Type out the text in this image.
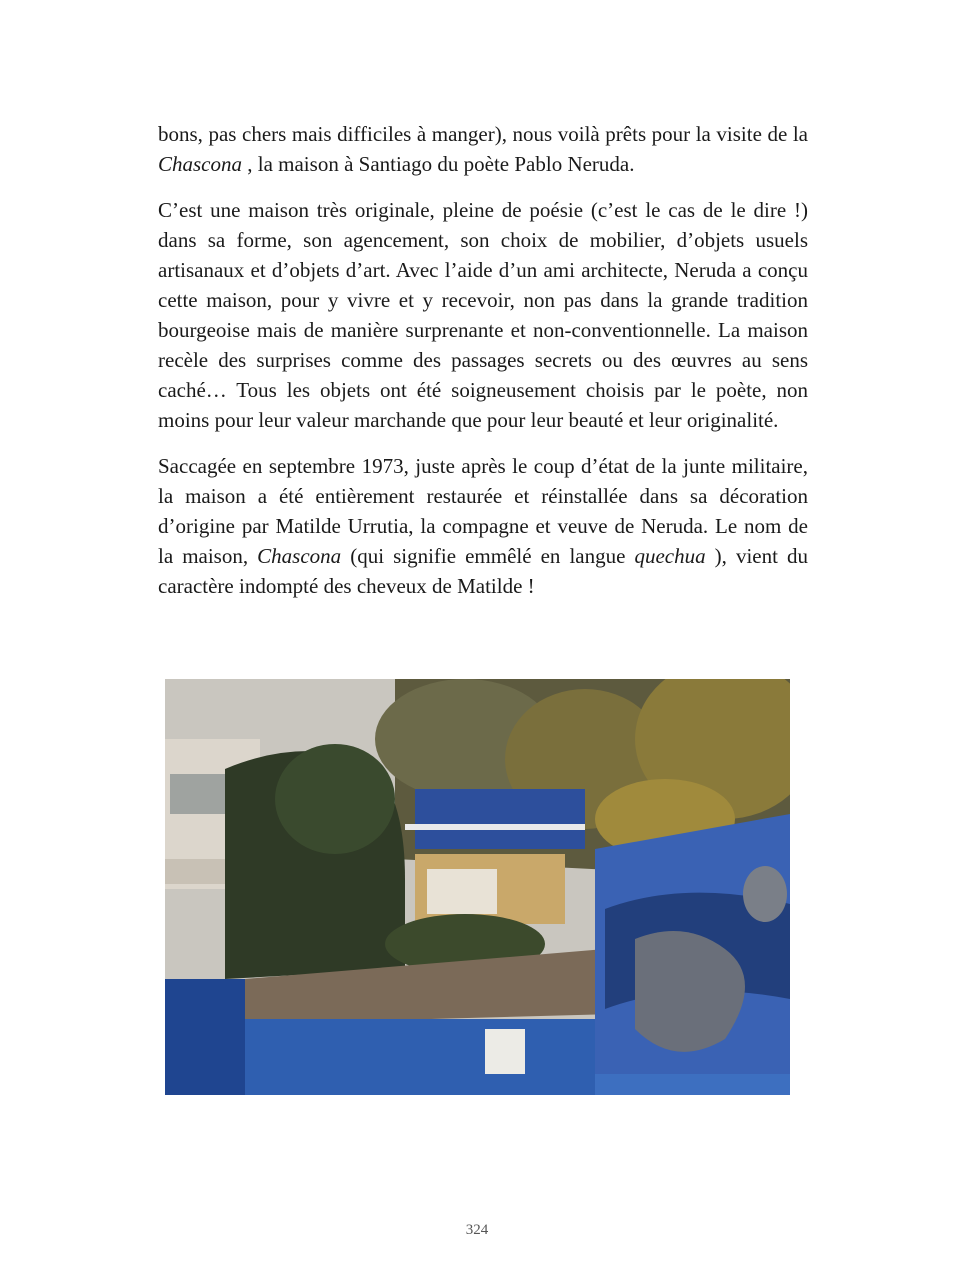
bons, pas chers mais difficiles à manger), nous voilà prêts pour la visite de la Chascona , la maison à Santiago du poète Pablo Neruda.

C’est une maison très originale, pleine de poésie (c’est le cas de le dire !) dans sa forme, son agencement, son choix de mobilier, d’objets usuels artisanaux et d’objets d’art. Avec l’aide d’un ami architecte, Neruda a conçu cette maison, pour y vivre et y recevoir, non pas dans la grande tradition bourgeoise mais de manière surprenante et non-conventionnelle. La maison recèle des surprises comme des passages secrets ou des œuvres au sens caché… Tous les objets ont été soigneusement choisis par le poète, non moins pour leur valeur marchande que pour leur beauté et leur originalité.

Saccagée en septembre 1973, juste après le coup d’état de la junte militaire, la maison a été entièrement restaurée et réinstallée dans sa décoration d’origine par Matilde Urrutia, la compagne et veuve de Neruda. Le nom de la maison, Chascona (qui signifie emmêlé en langue quechua ), vient du caractère indompté des cheveux de Matilde !

324
